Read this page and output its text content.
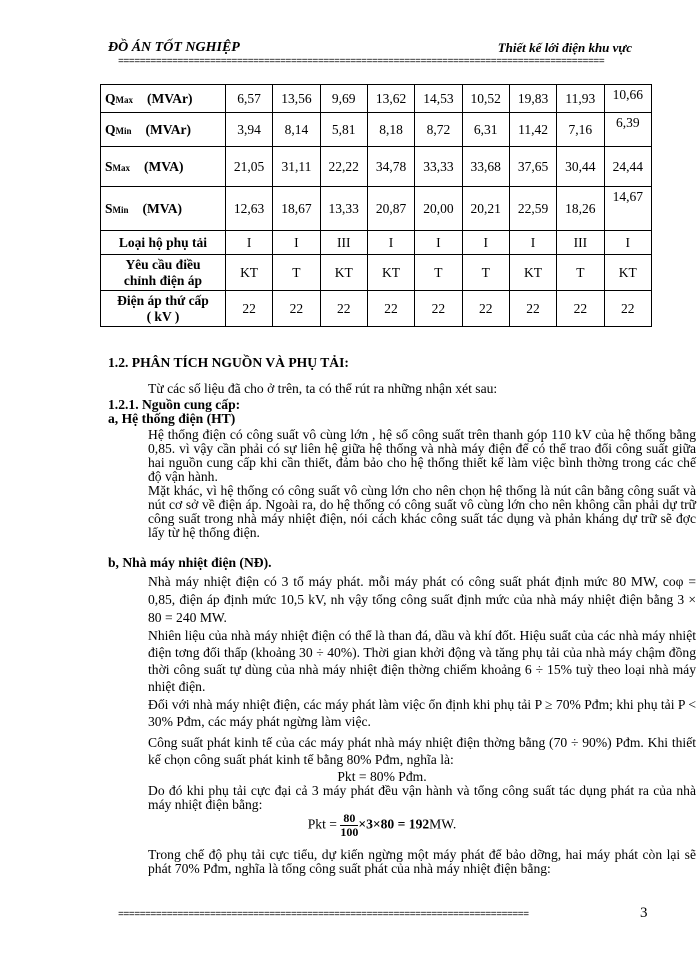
ĐỒ ÁN TỐT NGHIỆP	Thiết kế lới điện khu vực
==========================================================================================
QMax (MVAr)	6,57	13,56	9,69	13,62	14,53	10,52	19,83	11,93	10,66
QMin (MVAr)	3,94	8,14	5,81	8,18	8,72	6,31	11,42	7,16	6,39
SMax (MVA)	21,05	31,11	22,22	34,78	33,33	33,68	37,65	30,44	24,44
SMin (MVA)	12,63	18,67	13,33	20,87	20,00	20,21	22,59	18,26	14,67
Loại hộ phụ tải	I	I	III	I	I	I	I	III	I

Yêu cầu điều
chỉnh điện áp	KT	T	KT	KT	T	T	KT	T	KT

Điện áp thứ cấp
( kV )	22	22	22	22	22	22	22	22	22
1.2. PHÂN TÍCH NGUỒN VÀ PHỤ TẢI:
Từ các số liệu đã cho ở trên, ta có thể rút ra những nhận xét sau:
1.2.1. Nguồn cung cấp:
a, Hệ thống điện (HT)
Hệ thống điện có công suất vô cùng lớn , hệ số công suất trên thanh góp 110 kV của hệ thống bằng 0,85. vì vậy cần phải có sự liên hệ giữa hệ thống và nhà máy điện để có thể trao đổi công suất giữa hai nguồn cung cấp khi cần thiết, đảm bảo cho hệ thống thiết kế làm việc bình thờng trong các chế độ vận hành.
Mặt khác, vì hệ thống có công suất vô cùng lớn cho nên chọn hệ thống là nút cân bằng công suất và nút cơ sở về điện áp. Ngoài ra, do hệ thống có công suất vô cùng lớn cho nên không cần phải dự trữ công suất trong nhà máy nhiệt điện, nói cách khác công suất tác dụng và phản kháng dự trữ sẽ đợc lấy từ hệ thống điện.
b, Nhà máy nhiệt điện (NĐ).
Nhà máy nhiệt điện có 3 tổ máy phát. mỗi máy phát có công suất phát định mức 80 MW, coφ = 0,85, điện áp định mức 10,5 kV, nh vậy tổng công suất định mức của nhà máy nhiệt điện bằng 3 × 80 = 240 MW.
Nhiên liệu của nhà máy nhiệt điện có thể là than đá, dầu và khí đốt. Hiệu suất của các nhà máy nhiệt điện tơng đối thấp (khoảng 30 ÷ 40%). Thời gian khởi động và tăng phụ tải của nhà máy chậm đồng thời công suất tự dùng của nhà máy nhiệt điện thờng chiếm khoảng 6 ÷ 15% tuỳ theo loại nhà máy nhiệt điện.
Đối với nhà máy nhiệt điện, các máy phát làm việc ổn định khi phụ tải P ≥ 70% Pđm; khi phụ tải P < 30% Pđm, các máy phát ngừng làm việc.
Công suất phát kinh tế của các máy phát nhà máy nhiệt điện thờng bằng (70 ÷ 90%) Pđm. Khi thiết kế chọn công suất phát kinh tế bằng 80% Pđm, nghĩa là:
Pkt = 80% Pđm.
Do đó khi phụ tải cực đại cả 3 máy phát đều vận hành và tổng công suất tác dụng phát ra của nhà máy nhiệt điện bằng:
Pkt = $\frac{80}{100} \times 3\times 80 = 192MW$.
Trong chế độ phụ tải cực tiểu, dự kiến ngừng một máy phát để bảo dỡng, hai máy phát còn lại sẽ phát 70% Pđm, nghĩa là tổng công suất phát của nhà máy nhiệt điện bằng:
============================================================================	3
